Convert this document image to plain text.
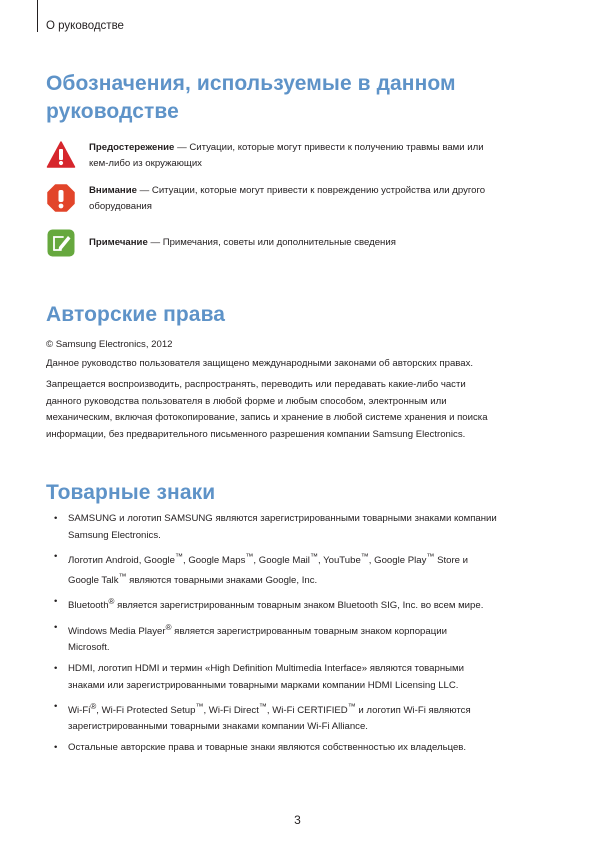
О руководстве
Обозначения, используемые в данном
руководстве
Предостережение — Ситуации, которые могут привести к получению травмы вами или
кем-либо из окружающих
Внимание — Ситуации, которые могут привести к повреждению устройства или другого
оборудования
Примечание — Примечания, советы или дополнительные сведения
Авторские права

© Samsung Electronics, 2012

Данное руководство пользователя защищено международными законами об авторских правах.

Запрещается воспроизводить, распространять, переводить или передавать какие-либо части
данного руководства пользователя в любой форме и любым способом, электронным или
механическим, включая фотокопирование, запись и хранение в любой системе хранения и поиска
информации, без предварительного письменного разрешения компании Samsung Electronics.

Товарные знаки
• SAMSUNG и логотип SAMSUNG являются зарегистрированными товарными знаками компании
Samsung Electronics.
• Логотип Android, Google™, Google Maps™, Google Mail™, YouTube™, Google Play™ Store и
Google Talk™ являются товарными знаками Google, Inc.
• Bluetooth® является зарегистрированным товарным знаком Bluetooth SIG, Inc. во всем мире.
• Windows Media Player® является зарегистрированным товарным знаком корпорации
Microsoft.
• HDMI, логотип HDMI и термин «High Definition Multimedia Interface» являются товарными
знаками или зарегистрированными товарными марками компании HDMI Licensing LLC.
• Wi-Fi®, Wi-Fi Protected Setup™, Wi-Fi Direct™, Wi-Fi CERTIFIED™ и логотип Wi-Fi являются
зарегистрированными товарными знаками компании Wi-Fi Alliance.
• Остальные авторские права и товарные знаки являются собственностью их владельцев.
3
